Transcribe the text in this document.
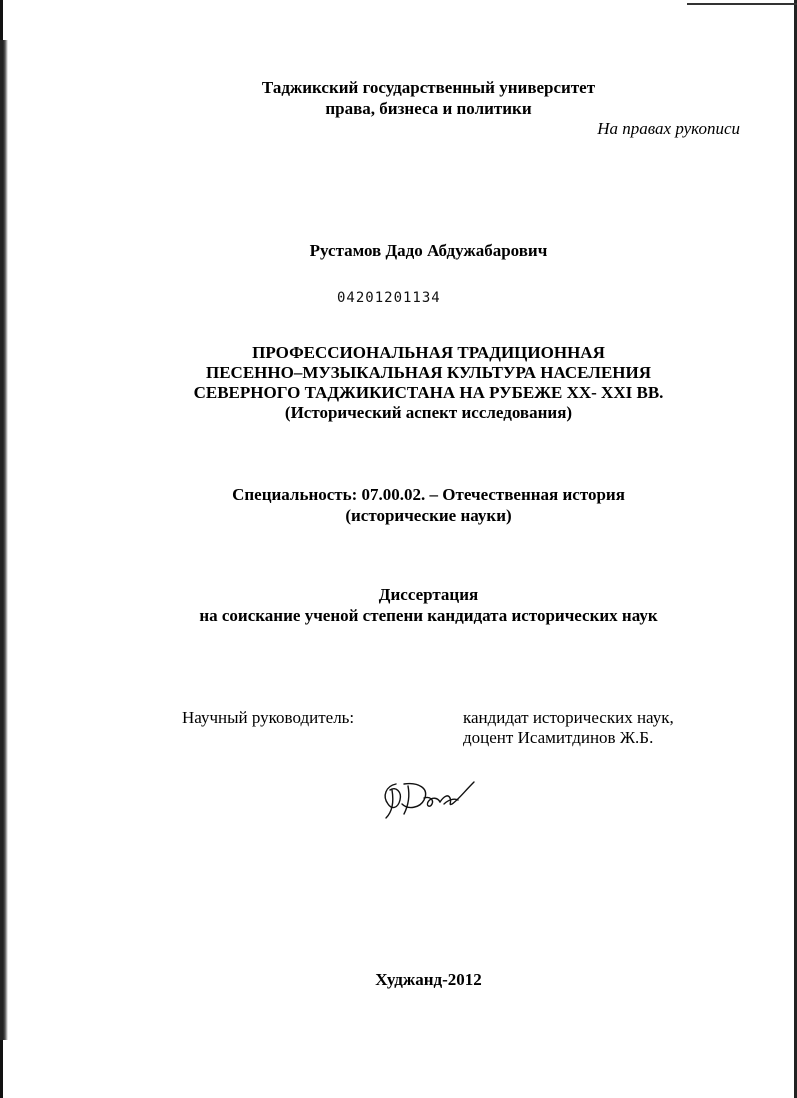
Таджикский государственный университет
права, бизнеса и политики
На правах рукописи
Рустамов Дадо Абдужабарович
04201201134
ПРОФЕССИОНАЛЬНАЯ ТРАДИЦИОННАЯ
ПЕСЕННО–МУЗЫКАЛЬНАЯ КУЛЬТУРА НАСЕЛЕНИЯ
СЕВЕРНОГО ТАДЖИКИСТАНА НА РУБЕЖЕ XX- XXI ВВ.
(Исторический аспект исследования)
Специальность: 07.00.02. – Отечественная история
(исторические науки)
Диссертация
на соискание ученой степени кандидата исторических наук
Научный руководитель:	кандидат исторических наук,
доцент Исамитдинов Ж.Б.
Худжанд-2012
